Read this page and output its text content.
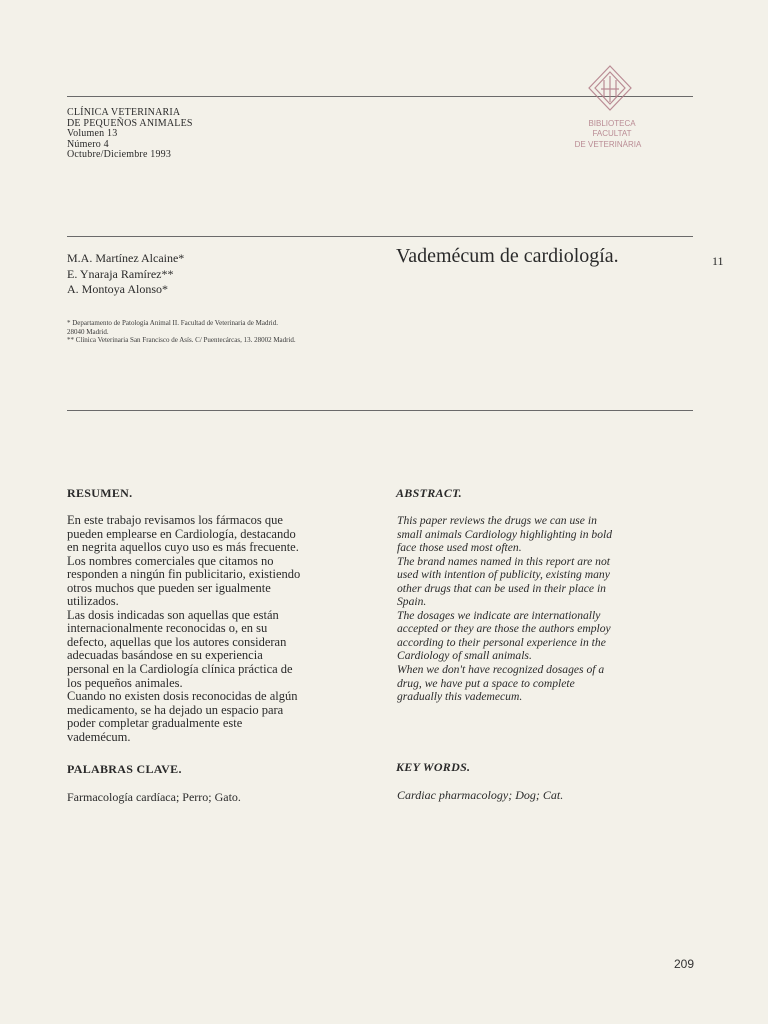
CLÍNICA VETERINARIA
DE PEQUEÑOS ANIMALES
Volumen 13
Número 4
Octubre/Diciembre 1993
BIBLIOTECA
FACULTAT
DE VETERINÀRIA
M.A. Martínez Alcaine*
E. Ynaraja Ramírez**
A. Montoya Alonso*
Vademécum de cardiología.	11
* Departamento de Patología Animal II. Facultad de Veterinaria de Madrid.
28040 Madrid.
** Clínica Veterinaria San Francisco de Asís. C/ Puentecárcas, 13. 28002 Madrid.
RESUMEN.	ABSTRACT.
En este trabajo revisamos los fármacos que
pueden emplearse en Cardiología, destacando
en negrita aquellos cuyo uso es más frecuente.
Los nombres comerciales que citamos no
responden a ningún fin publicitario, existiendo
otros muchos que pueden ser igualmente
utilizados.
Las dosis indicadas son aquellas que están
internacionalmente reconocidas o, en su
defecto, aquellas que los autores consideran
adecuadas basándose en su experiencia
personal en la Cardiología clínica práctica de
los pequeños animales.
Cuando no existen dosis reconocidas de algún
medicamento, se ha dejado un espacio para
poder completar gradualmente este
vademécum.
This paper reviews the drugs we can use in
small animals Cardiology highlighting in bold
face those used most often.
The brand names named in this report are not
used with intention of publicity, existing many
other drugs that can be used in their place in
Spain.
The dosages we indicate are internationally
accepted or they are those the authors employ
according to their personal experience in the
Cardiology of small animals.
When we don't have recognized dosages of a
drug, we have put a space to complete
gradually this vademecum.
PALABRAS CLAVE.	KEY WORDS.
Farmacología cardíaca; Perro; Gato.	Cardiac pharmacology; Dog; Cat.
209
